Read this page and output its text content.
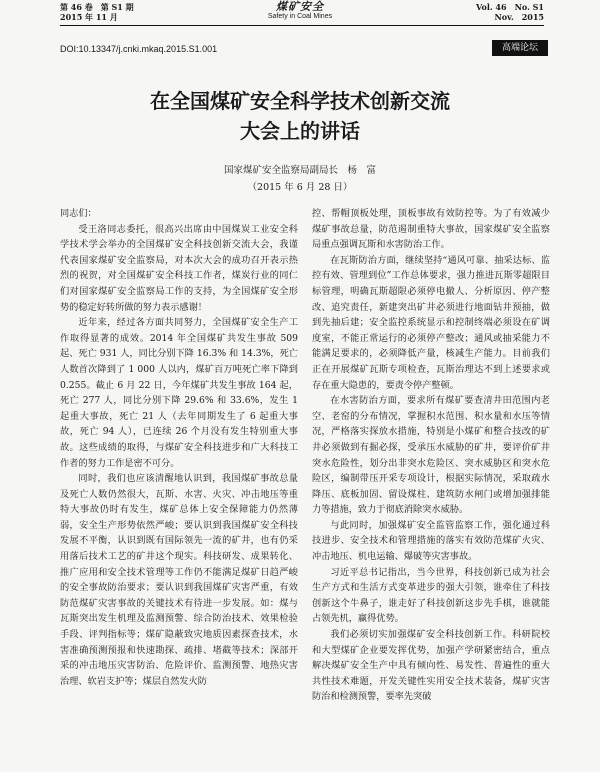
第 46 卷　第 S1 期
2015 年 11 月
煤矿安全
Safety in Coal Mines
Vol. 46　No. S1
Nov.　2015
DOI:10.13347/j.cnki.mkaq.2015.S1.001	高端论坛
在全国煤矿安全科学技术创新交流
大会上的讲话
国家煤矿安全监察局副局长　杨　富
（2015 年 6 月 28 日）

同志们：

受王洛同志委托，很高兴出席由中国煤炭工业安全科学技术学会举办的全国煤矿安全科技创新交流大会，我谨代表国家煤矿安全监察局，对本次大会的成功召开表示热烈的祝贺，对全国煤矿安全科技工作者，煤炭行业的同仁们对国家煤矿安全监察局工作的支持，为全国煤矿安全形势的稳定好转所做的努力表示感谢！

近年来，经过各方面共同努力，全国煤矿安全生产工作取得显著的成效。2014 年全国煤矿共发生事故 509 起、死亡 931 人，同比分别下降 16.3% 和 14.3%，死亡人数首次降到了 1 000 人以内，煤矿百万吨死亡率下降到 0.255。截止 6 月 22 日，今年煤矿共发生事故 164 起，死亡 277 人，同比分别下降 29.6% 和 33.6%，发生 1 起重大事故，死亡 21 人（去年同期发生了 6 起重大事故，死亡 94 人），已连续 26 个月没有发生特别重大事故。这些成绩的取得，与煤矿安全科技进步和广大科技工作者的努力工作是密不可分。

同时，我们也应该清醒地认识到，我国煤矿事故总量及死亡人数仍然很大，瓦斯、水害、火灾、冲击地压等重特大事故仍时有发生，煤矿总体上安全保障能力仍然薄弱，安全生产形势依然严峻；要认识到我国煤矿安全科技发展不平衡，认识到既有国际领先一流的矿井，也有仍采用落后技术工艺的矿井这个现实。科技研发、成果转化、推广应用和安全技术管理等工作仍不能满足煤矿日趋严峻的安全事故防治要求；要认识到我国煤矿灾害严重，有效防范煤矿灾害事故的关键技术有待进一步发展。如：煤与瓦斯突出发生机理及监测预警、综合防治技术、效果检验手段、评判指标等；煤矿隐蔽致灾地质因素探查技术，水害准确预测预报和快速勘探、疏排、堵截等技术；深部开采的冲击地压灾害防治、危险评价、监测预警、地热灾害治理、软岩支护等；煤层自然发火防

控、帮帽顶板处理，顶板事故有效防控等。为了有效减少煤矿事故总量，防范遏制重特大事故，国家煤矿安全监察局重点强调瓦斯和水害防治工作。

在瓦斯防治方面，继续坚持“通风可靠、抽采达标、监控有效、管理到位”工作总体要求，强力推进瓦斯零超限目标管理，明确瓦斯超限必须停电撤人、分析原因、停产整改、追究责任，新建突出矿井必须进行地面钻井预抽，做到先抽后建；安全监控系统显示和控制终端必须设在矿调度室，不能正常运行的必须停产整改；通风或抽采能力不能满足要求的，必须降低产量，核减生产能力。目前我们正在开展煤矿瓦斯专项检查，瓦斯治理达不到上述要求或存在重大隐患的，要责令停产整顿。

在水害防治方面，要求所有煤矿要查清井田范围内老空、老窑的分布情况，掌握积水范围、积水量和水压等情况，严格落实探放水措施，特别是小煤矿和整合技改的矿井必须做到有掘必探，受承压水威胁的矿井，要评价矿井突水危险性，划分出非突水危险区、突水威胁区和突水危险区，编制带压开采专项设计，根据实际情况，采取疏水降压、底板加固、留设煤柱、建筑防水闸门或增加强排能力等措施，致力于彻底消除突水威胁。

与此同时，加强煤矿安全监管监察工作，强化通过科技进步、安全技术和管理措施的落实有效防范煤矿火灾、冲击地压、机电运输、爆破等灾害事故。

习近平总书记指出，当今世界，科技创新已成为社会生产方式和生活方式变革进步的强大引领，谁牵住了科技创新这个牛鼻子，谁走好了科技创新这步先手棋，谁就能占领先机，赢得优势。

我们必须切实加强煤矿安全科技创新工作。科研院校和大型煤矿企业要发挥优势，加强产学研紧密结合，重点解决煤矿安全生产中具有倾向性、易发性、普遍性的重大共性技术难题，开发关键性实用安全技术装备，煤矿灾害防治和检测预警，要率先突破
